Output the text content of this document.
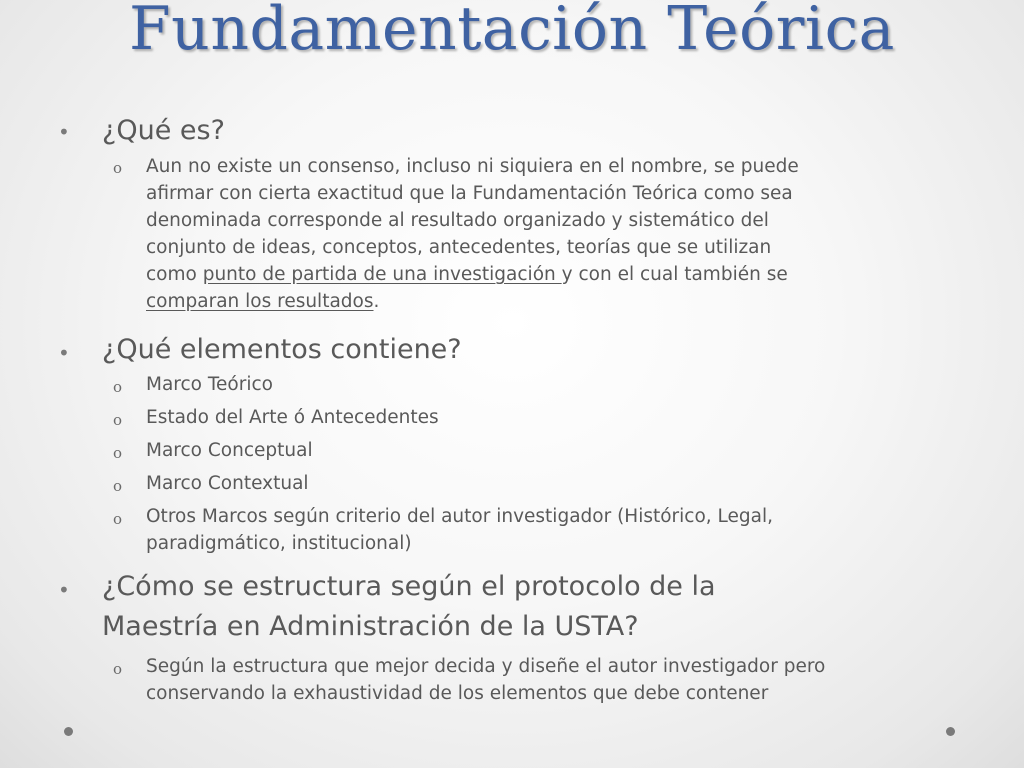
Fundamentación Teórica
• ¿Qué es?
o Aun no existe un consenso, incluso ni siquiera en el nombre, se puede
afirmar con cierta exactitud que la Fundamentación Teórica como sea
denominada corresponde al resultado organizado y sistemático del
conjunto de ideas, conceptos, antecedentes, teorías que se utilizan
como punto de partida de una investigación y con el cual también se
comparan los resultados.
• ¿Qué elementos contiene?
o Marco Teórico
o Estado del Arte ó Antecedentes
o Marco Conceptual
o Marco Contextual
o Otros Marcos según criterio del autor investigador (Histórico, Legal,
paradigmático, institucional)
• ¿Cómo se estructura según el protocolo de la
Maestría en Administración de la USTA?
o Según la estructura que mejor decida y diseñe el autor investigador pero
conservando la exhaustividad de los elementos que debe contener
